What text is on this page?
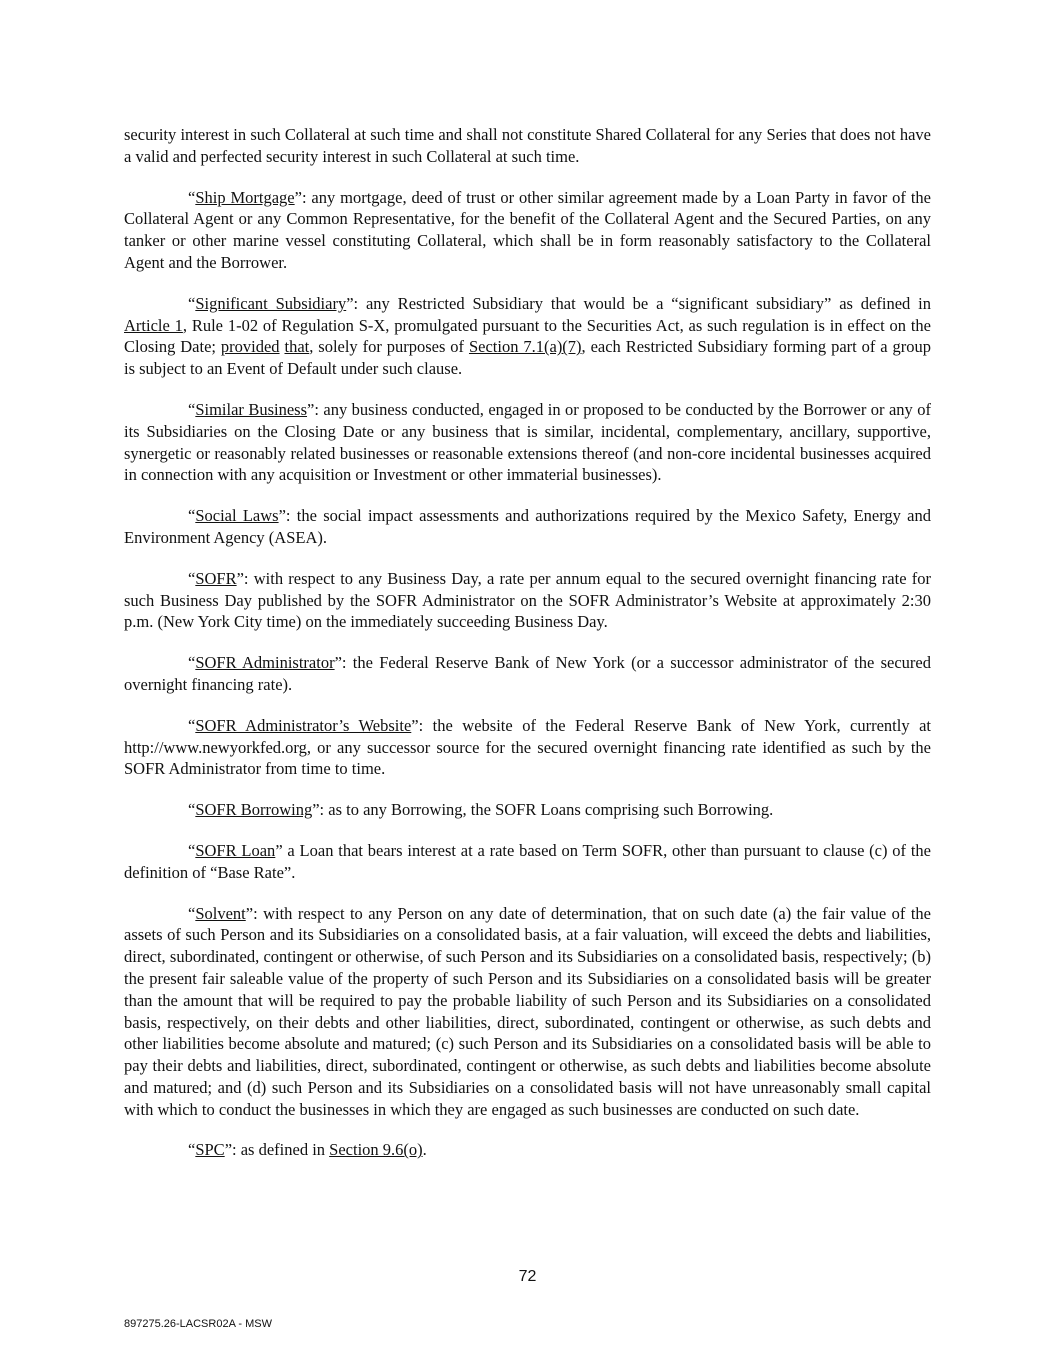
security interest in such Collateral at such time and shall not constitute Shared Collateral for any Series that does not have a valid and perfected security interest in such Collateral at such time.

“Ship Mortgage”: any mortgage, deed of trust or other similar agreement made by a Loan Party in favor of the Collateral Agent or any Common Representative, for the benefit of the Collateral Agent and the Secured Parties, on any tanker or other marine vessel constituting Collateral, which shall be in form reasonably satisfactory to the Collateral Agent and the Borrower.

“Significant Subsidiary”: any Restricted Subsidiary that would be a “significant subsidiary” as defined in Article 1, Rule 1-02 of Regulation S-X, promulgated pursuant to the Securities Act, as such regulation is in effect on the Closing Date; provided that, solely for purposes of Section 7.1(a)(7), each Restricted Subsidiary forming part of a group is subject to an Event of Default under such clause.

“Similar Business”: any business conducted, engaged in or proposed to be conducted by the Borrower or any of its Subsidiaries on the Closing Date or any business that is similar, incidental, complementary, ancillary, supportive, synergetic or reasonably related businesses or reasonable extensions thereof (and non-core incidental businesses acquired in connection with any acquisition or Investment or other immaterial businesses).

“Social Laws”: the social impact assessments and authorizations required by the Mexico Safety, Energy and Environment Agency (ASEA).

“SOFR”: with respect to any Business Day, a rate per annum equal to the secured overnight financing rate for such Business Day published by the SOFR Administrator on the SOFR Administrator’s Website at approximately 2:30 p.m. (New York City time) on the immediately succeeding Business Day.

“SOFR Administrator”: the Federal Reserve Bank of New York (or a successor administrator of the secured overnight financing rate).

“SOFR Administrator’s Website”: the website of the Federal Reserve Bank of New York, currently at http://www.newyorkfed.org, or any successor source for the secured overnight financing rate identified as such by the SOFR Administrator from time to time.

“SOFR Borrowing”: as to any Borrowing, the SOFR Loans comprising such Borrowing.

“SOFR Loan” a Loan that bears interest at a rate based on Term SOFR, other than pursuant to clause (c) of the definition of “Base Rate”.

“Solvent”: with respect to any Person on any date of determination, that on such date (a) the fair value of the assets of such Person and its Subsidiaries on a consolidated basis, at a fair valuation, will exceed the debts and liabilities, direct, subordinated, contingent or otherwise, of such Person and its Subsidiaries on a consolidated basis, respectively; (b) the present fair saleable value of the property of such Person and its Subsidiaries on a consolidated basis will be greater than the amount that will be required to pay the probable liability of such Person and its Subsidiaries on a consolidated basis, respectively, on their debts and other liabilities, direct, subordinated, contingent or otherwise, as such debts and other liabilities become absolute and matured; (c) such Person and its Subsidiaries on a consolidated basis will be able to pay their debts and liabilities, direct, subordinated, contingent or otherwise, as such debts and liabilities become absolute and matured; and (d) such Person and its Subsidiaries on a consolidated basis will not have unreasonably small capital with which to conduct the businesses in which they are engaged as such businesses are conducted on such date.

“SPC”: as defined in Section 9.6(o).

72
897275.26-LACSR02A - MSW
